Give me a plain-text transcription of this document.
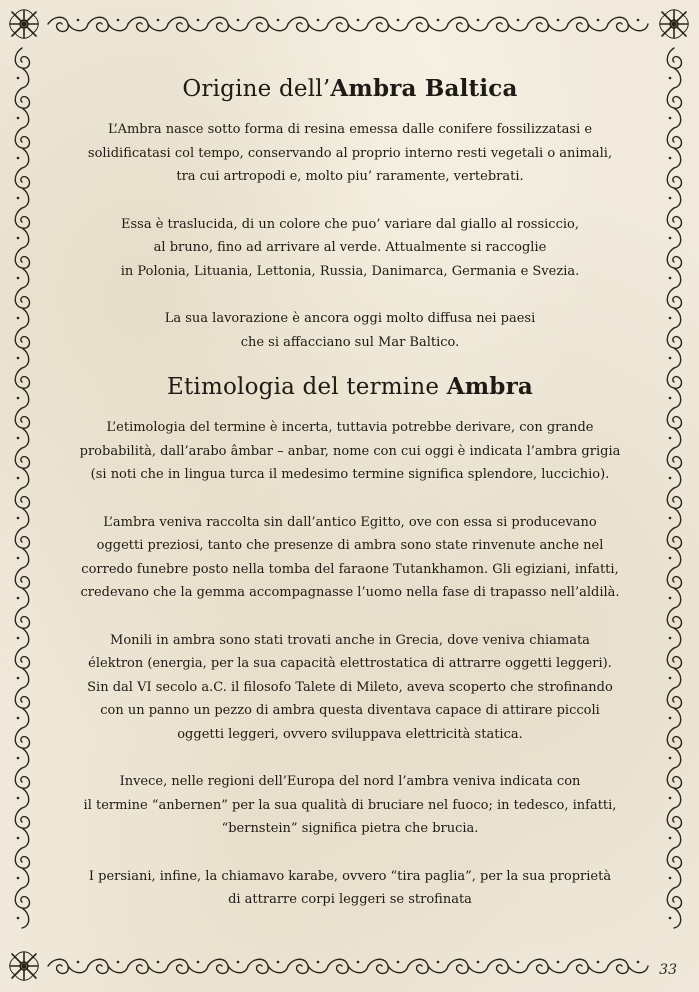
Origine dell’Ambra Baltica

L’Ambra nasce sotto forma di resina emessa dalle conifere fossilizzatasi e
solidificatasi col tempo, conservando al proprio interno resti vegetali o animali,
tra cui artropodi e, molto piu’ raramente, vertebrati.

Essa è traslucida, di un colore che puo’ variare dal giallo al rossiccio,
al bruno, fino ad arrivare al verde. Attualmente si raccoglie
in Polonia, Lituania, Lettonia, Russia, Danimarca, Germania e Svezia.

La sua lavorazione è ancora oggi molto diffusa nei paesi
che si affacciano sul Mar Baltico.

Etimologia del termine Ambra

L’etimologia del termine è incerta, tuttavia potrebbe derivare, con grande
probabilità, dall’arabo âmbar – anbar, nome con cui oggi è indicata l’ambra grigia
(si noti che in lingua turca il medesimo termine significa splendore, luccichio).

L’ambra veniva raccolta sin dall’antico Egitto, ove con essa si producevano
oggetti preziosi, tanto che presenze di ambra sono state rinvenute anche nel
corredo funebre posto nella tomba del faraone Tutankhamon. Gli egiziani, infatti,
credevano che la gemma accompagnasse l’uomo nella fase di trapasso nell’aldilà.

Monili in ambra sono stati trovati anche in Grecia, dove veniva chiamata
élektron (energia, per la sua capacità elettrostatica di attrarre oggetti leggeri).
Sin dal VI secolo a.C. il filosofo Talete di Mileto, aveva scoperto che strofinando
con un panno un pezzo di ambra questa diventava capace di attirare piccoli
oggetti leggeri, ovvero sviluppava elettricità statica.

Invece, nelle regioni dell’Europa del nord l’ambra veniva indicata con
il termine “anbernen” per la sua qualità di bruciare nel fuoco; in tedesco, infatti,
“bernstein” significa pietra che brucia.

I persiani, infine, la chiamavo karabe, ovvero “tira paglia”, per la sua proprietà
di attrarre corpi leggeri se strofinata

33
